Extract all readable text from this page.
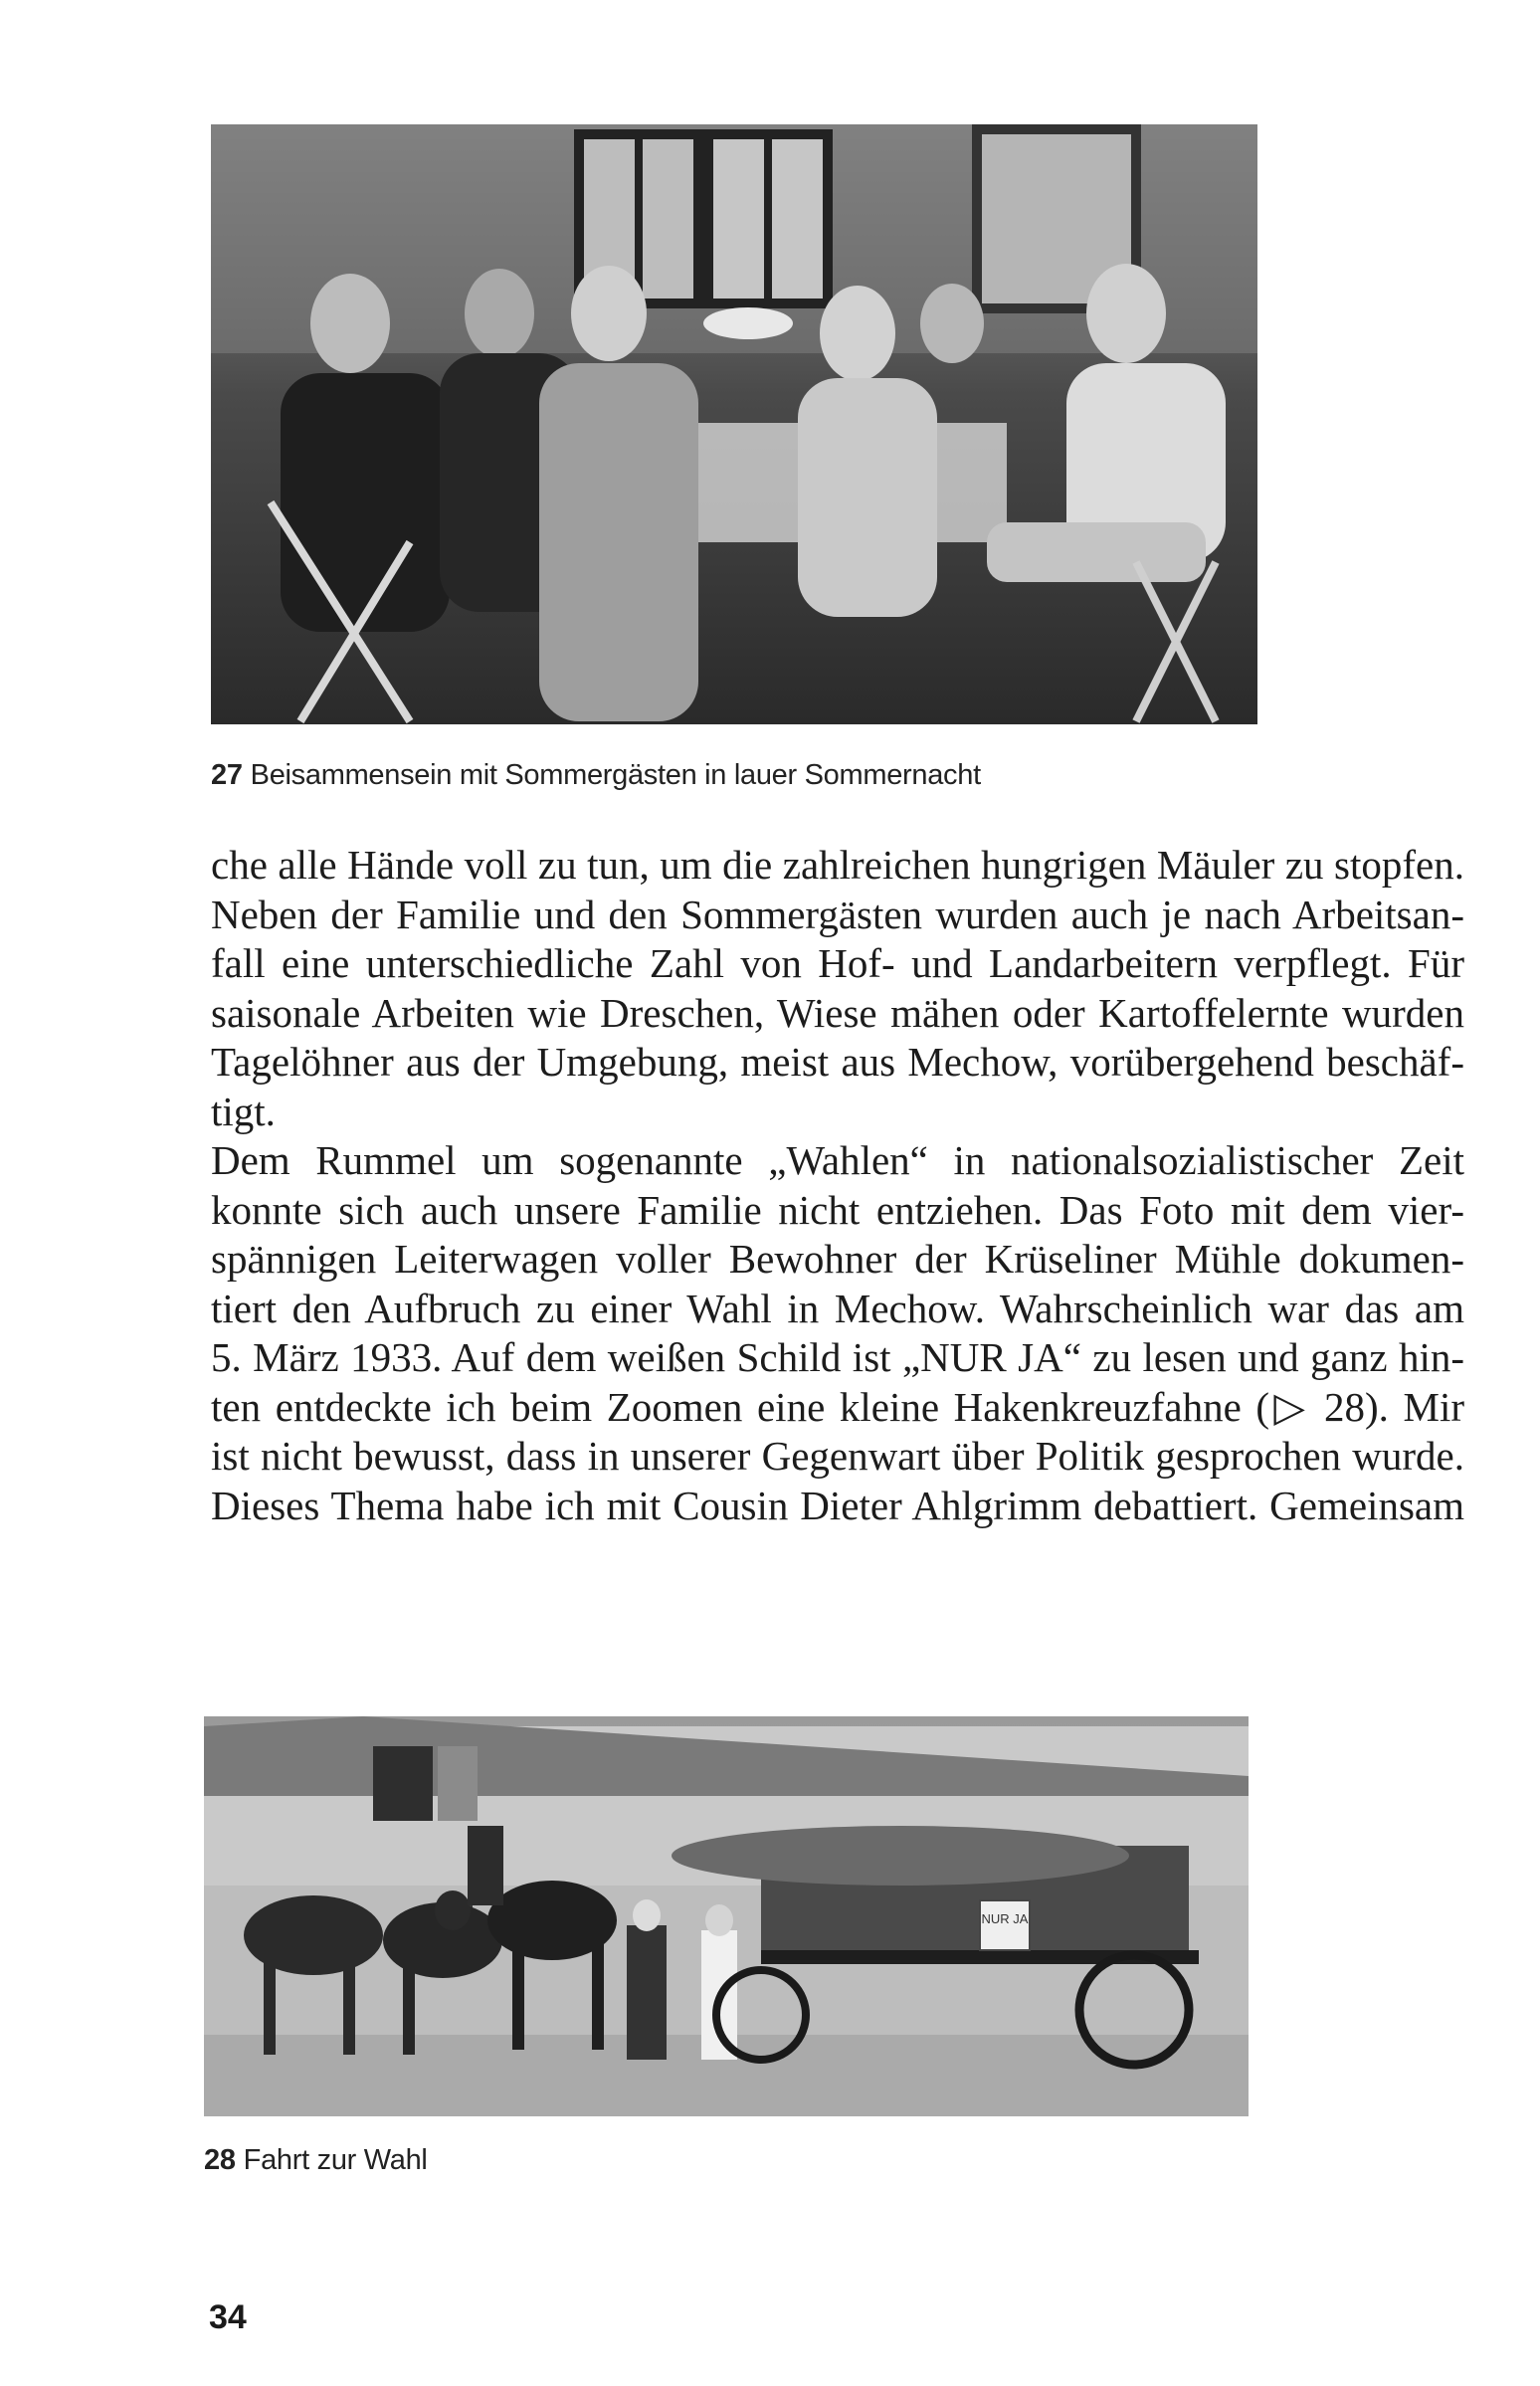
27 Beisammensein mit Sommergästen in lauer Sommernacht

che alle Hände voll zu tun, um die zahlreichen hungrigen Mäuler zu stopfen.
Neben der Familie und den Sommergästen wurden auch je nach Arbeitsan-
fall eine unterschiedliche Zahl von Hof- und Landarbeitern verpflegt. Für
saisonale Arbeiten wie Dreschen, Wiese mähen oder Kartoffelernte wurden
Tagelöhner aus der Umgebung, meist aus Mechow, vorübergehend beschäf-
tigt.

Dem Rummel um sogenannte „Wahlen“ in nationalsozialistischer Zeit
konnte sich auch unsere Familie nicht entziehen. Das Foto mit dem vier-
spännigen Leiterwagen voller Bewohner der Krüseliner Mühle dokumen-
tiert den Aufbruch zu einer Wahl in Mechow. Wahrscheinlich war das am
5. März 1933. Auf dem weißen Schild ist „NUR JA“ zu lesen und ganz hin-
ten entdeckte ich beim Zoomen eine kleine Hakenkreuzfahne (▷ 28). Mir
ist nicht bewusst, dass in unserer Gegenwart über Politik gesprochen wurde.
Dieses Thema habe ich mit Cousin Dieter Ahlgrimm debattiert. Gemeinsam

NUR JA
28 Fahrt zur Wahl
34
